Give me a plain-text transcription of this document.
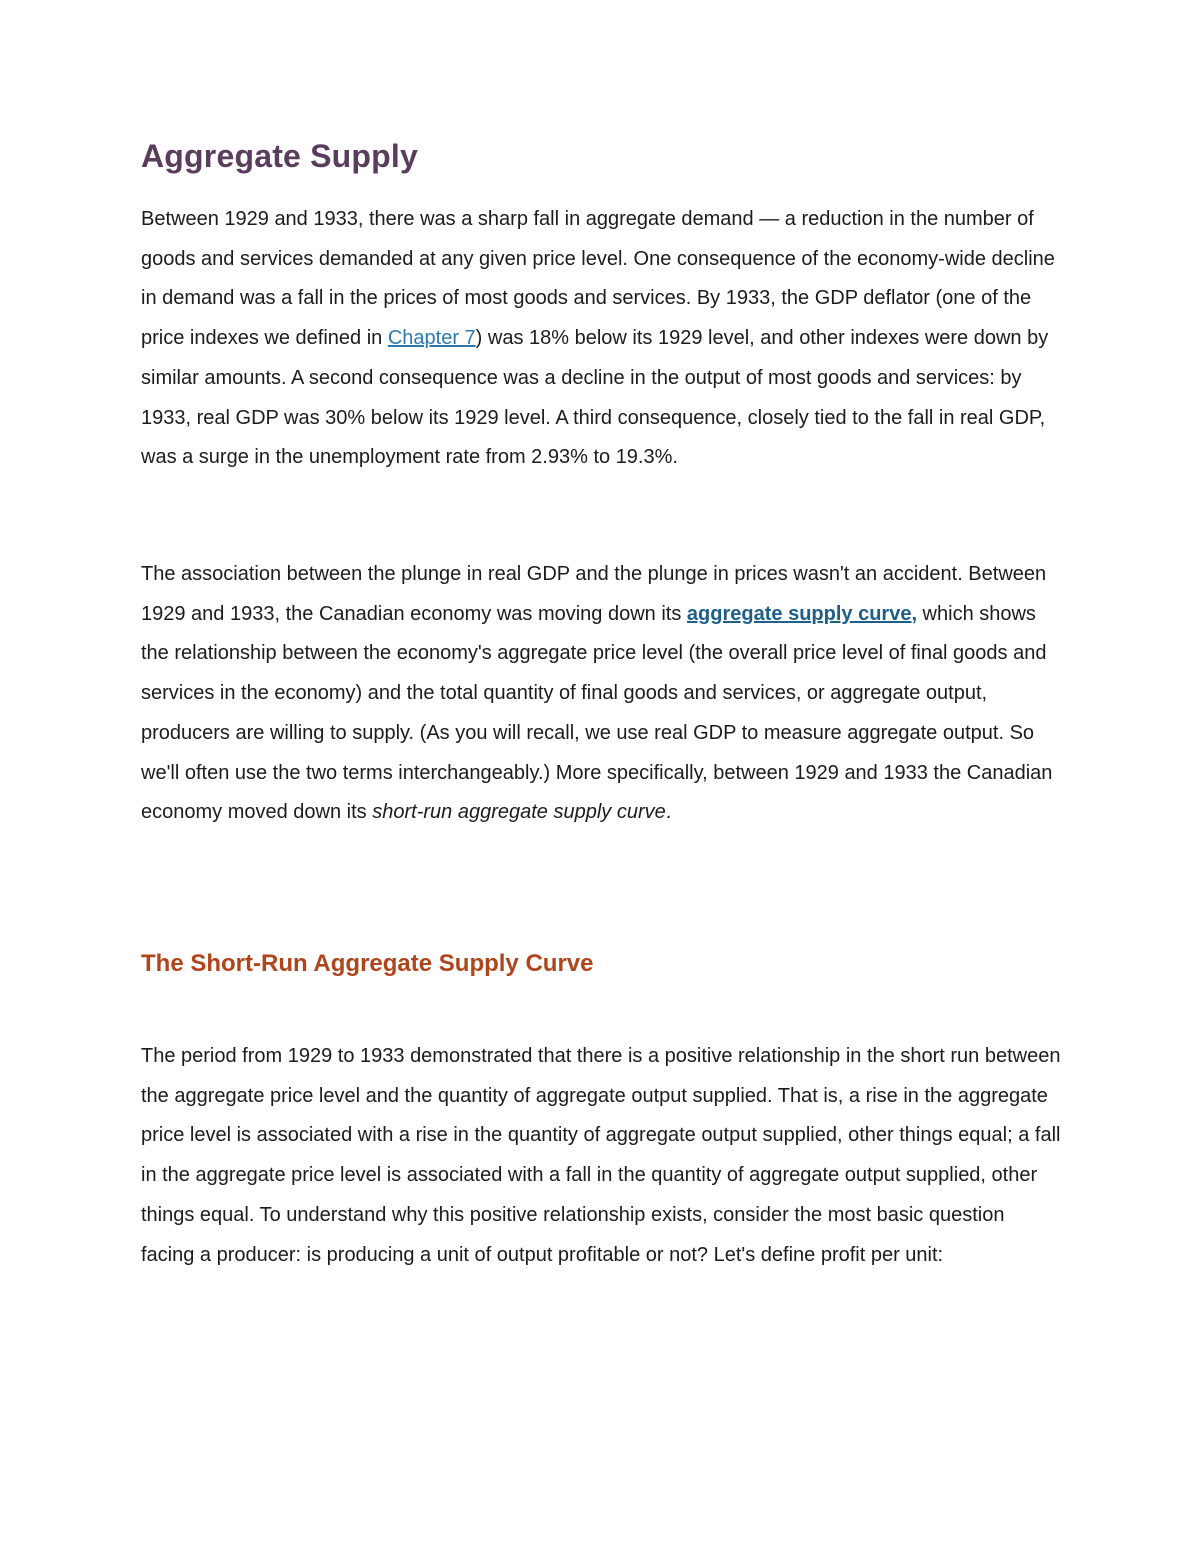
Aggregate Supply

Between 1929 and 1933, there was a sharp fall in aggregate demand — a reduction in the number of goods and services demanded at any given price level. One consequence of the economy-wide decline in demand was a fall in the prices of most goods and services. By 1933, the GDP deflator (one of the price indexes we defined in Chapter 7) was 18% below its 1929 level, and other indexes were down by similar amounts. A second consequence was a decline in the output of most goods and services: by 1933, real GDP was 30% below its 1929 level. A third consequence, closely tied to the fall in real GDP, was a surge in the unemployment rate from 2.93% to 19.3%.

The association between the plunge in real GDP and the plunge in prices wasn't an accident. Between 1929 and 1933, the Canadian economy was moving down its aggregate supply curve, which shows the relationship between the economy's aggregate price level (the overall price level of final goods and services in the economy) and the total quantity of final goods and services, or aggregate output, producers are willing to supply. (As you will recall, we use real GDP to measure aggregate output. So we'll often use the two terms interchangeably.) More specifically, between 1929 and 1933 the Canadian economy moved down its short-run aggregate supply curve.

The Short-Run Aggregate Supply Curve

The period from 1929 to 1933 demonstrated that there is a positive relationship in the short run between the aggregate price level and the quantity of aggregate output supplied. That is, a rise in the aggregate price level is associated with a rise in the quantity of aggregate output supplied, other things equal; a fall in the aggregate price level is associated with a fall in the quantity of aggregate output supplied, other things equal. To understand why this positive relationship exists, consider the most basic question facing a producer: is producing a unit of output profitable or not? Let's define profit per unit:
